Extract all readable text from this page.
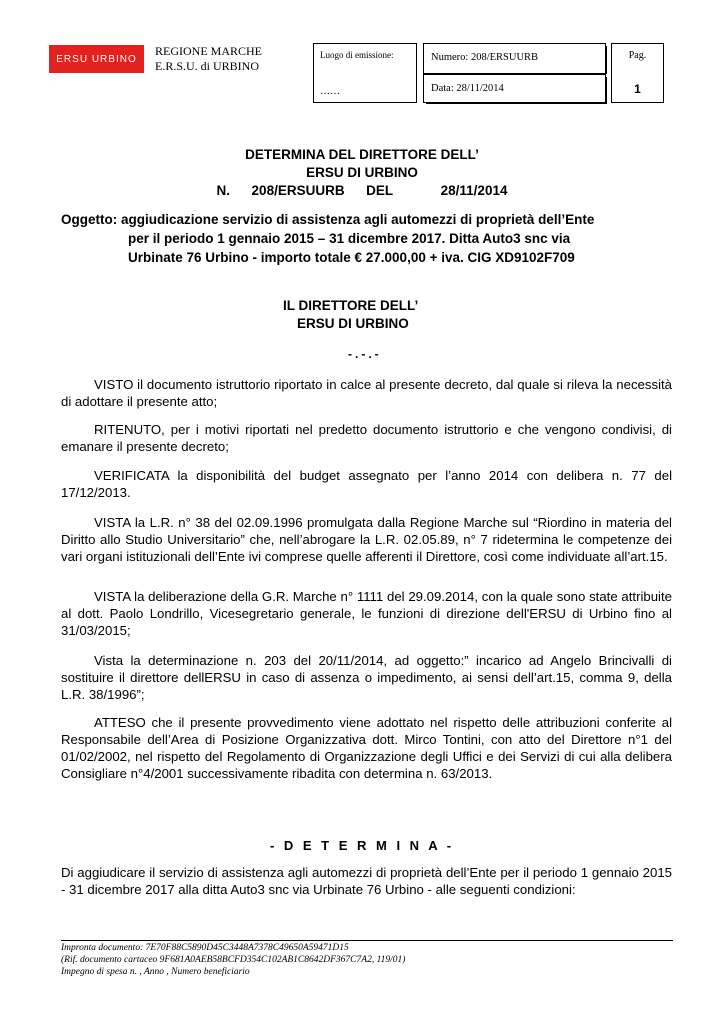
ERSU URBINO
REGIONE MARCHE
E.R.S.U. di URBINO
Luogo di emissione:
……
Numero: 208/ERSUURB
Data: 28/11/2014
Pag.
1
DETERMINA DEL DIRETTORE DELL’
ERSU DI URBINO
N. 208/ERSUURB DEL	28/11/2014
Oggetto: aggiudicazione servizio di assistenza agli automezzi di proprietà dell’Ente
per il periodo 1 gennaio 2015 – 31 dicembre 2017. Ditta Auto3 snc via
Urbinate 76 Urbino - importo totale € 27.000,00 + iva. CIG XD9102F709
IL DIRETTORE DELL’
ERSU DI URBINO
-.-.-
VISTO il documento istruttorio riportato in calce al presente decreto, dal quale si rileva la necessità di adottare il presente atto;
RITENUTO, per i motivi riportati nel predetto documento istruttorio e che vengono condivisi, di emanare il presente decreto;
VERIFICATA la disponibilità del budget assegnato per l’anno 2014 con delibera n. 77 del 17/12/2013.
VISTA la L.R. n° 38 del 02.09.1996 promulgata dalla Regione Marche sul “Riordino in materia del Diritto allo Studio Universitario” che, nell’abrogare la L.R. 02.05.89, n° 7 ridetermina le competenze dei vari organi istituzionali dell’Ente ivi comprese quelle afferenti il Direttore, così come individuate all’art.15.
VISTA la deliberazione della G.R. Marche n° 1111 del 29.09.2014, con la quale sono state attribuite al dott. Paolo Londrillo, Vicesegretario generale, le funzioni di direzione dell'ERSU di Urbino fino al 31/03/2015;
Vista la determinazione n. 203 del 20/11/2014, ad oggetto:” incarico ad Angelo Brincivalli di sostituire il direttore dellERSU in caso di assenza o impedimento, ai sensi dell’art.15, comma 9, della L.R. 38/1996”;
ATTESO che il presente provvedimento viene adottato nel rispetto delle attribuzioni conferite al Responsabile dell’Area di Posizione Organizzativa dott. Mirco Tontini, con atto del Direttore n°1 del 01/02/2002, nel rispetto del Regolamento di Organizzazione degli Uffici e dei Servizi di cui alla delibera Consigliare n°4/2001 successivamente ribadita con determina n. 63/2013.
- D E T E R M I N A -
Di aggiudicare il servizio di assistenza agli automezzi di proprietà dell’Ente per il periodo 1 gennaio 2015 - 31 dicembre 2017 alla ditta Auto3 snc via Urbinate 76 Urbino - alle seguenti condizioni:
Impronta documento: 7E70F88C5890D45C3448A7378C49650A59471D15
(Rif. documento cartaceo 9F681A0AEB58BCFD354C102AB1C8642DF367C7A2, 119/01)
Impegno di spesa n. , Anno , Numero beneficiario
